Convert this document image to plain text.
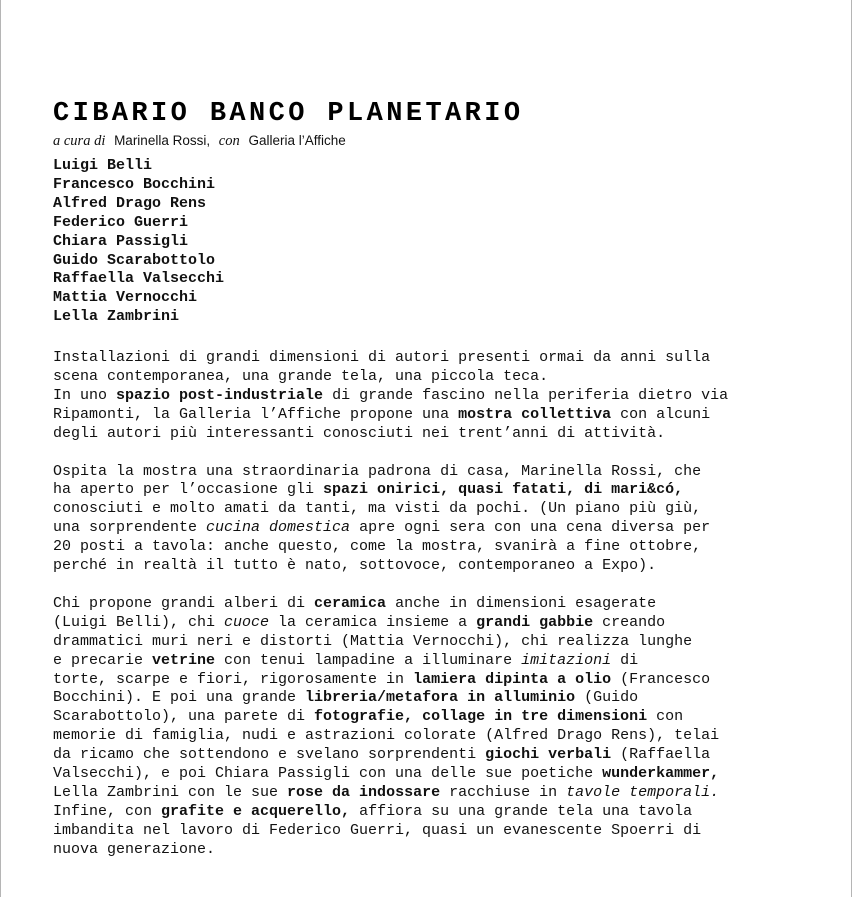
CIBARIO BANCO PLANETARIO

a cura di Marinella Rossi, con Galleria l’Affiche

Luigi Belli
Francesco Bocchini
Alfred Drago Rens
Federico Guerri
Chiara Passigli
Guido Scarabottolo
Raffaella Valsecchi
Mattia Vernocchi
Lella Zambrini

Installazioni di grandi dimensioni di autori presenti ormai da anni sulla
scena contemporanea, una grande tela, una piccola teca.
In uno spazio post-industriale di grande fascino nella periferia dietro via
Ripamonti, la Galleria l’Affiche propone una mostra collettiva con alcuni
degli autori più interessanti conosciuti nei trent’anni di attività.

Ospita la mostra una straordinaria padrona di casa, Marinella Rossi, che
ha aperto per l’occasione gli spazi onirici, quasi fatati, di mari&có,
conosciuti e molto amati da tanti, ma visti da pochi. (Un piano più giù,
una sorprendente cucina domestica apre ogni sera con una cena diversa per
20 posti a tavola: anche questo, come la mostra, svanirà a fine ottobre,
perché in realtà il tutto è nato, sottovoce, contemporaneo a Expo).

Chi propone grandi alberi di ceramica anche in dimensioni esagerate
(Luigi Belli), chi cuoce la ceramica insieme a grandi gabbie creando
drammatici muri neri e distorti (Mattia Vernocchi), chi realizza lunghe
e precarie vetrine con tenui lampadine a illuminare imitazioni di
torte, scarpe e fiori, rigorosamente in lamiera dipinta a olio (Francesco
Bocchini). E poi una grande libreria/metafora in alluminio (Guido
Scarabottolo), una parete di fotografie, collage in tre dimensioni con
memorie di famiglia, nudi e astrazioni colorate (Alfred Drago Rens), telai
da ricamo che sottendono e svelano sorprendenti giochi verbali (Raffaella
Valsecchi), e poi Chiara Passigli con una delle sue poetiche wunderkammer,
Lella Zambrini con le sue rose da indossare racchiuse in tavole temporali.
Infine, con grafite e acquerello, affiora su una grande tela una tavola
imbandita nel lavoro di Federico Guerri, quasi un evanescente Spoerri di
nuova generazione.
